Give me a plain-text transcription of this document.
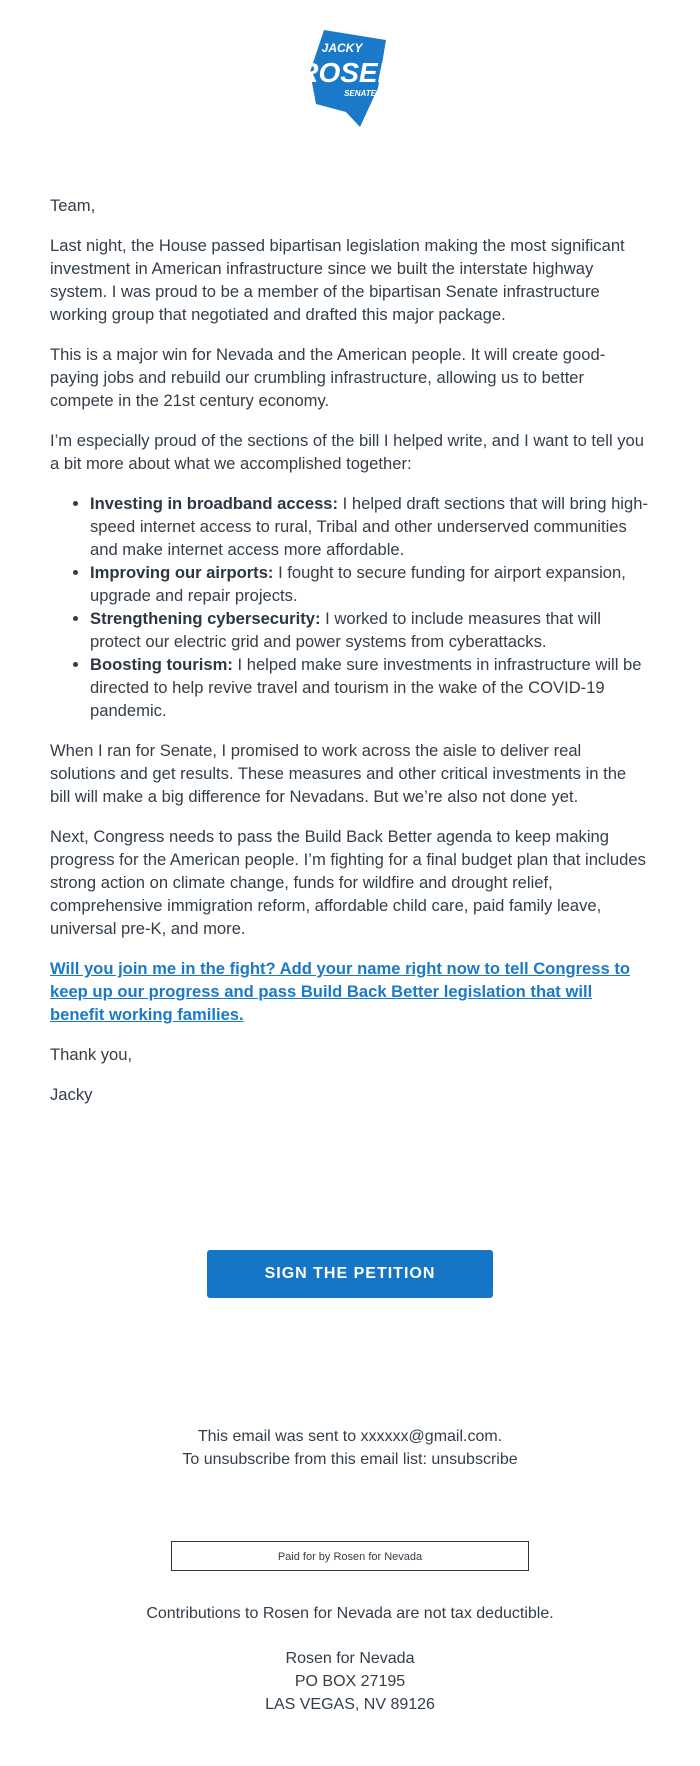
JACKY
ROSEN
SENATE

Team,

Last night, the House passed bipartisan legislation making the most significant investment in American infrastructure since we built the interstate highway system. I was proud to be a member of the bipartisan Senate infrastructure working group that negotiated and drafted this major package.

This is a major win for Nevada and the American people. It will create good-paying jobs and rebuild our crumbling infrastructure, allowing us to better compete in the 21st century economy.

I’m especially proud of the sections of the bill I helped write, and I want to tell you a bit more about what we accomplished together:

• Investing in broadband access: I helped draft sections that will bring high-speed internet access to rural, Tribal and other underserved communities and make internet access more affordable.
• Improving our airports: I fought to secure funding for airport expansion, upgrade and repair projects.
• Strengthening cybersecurity: I worked to include measures that will protect our electric grid and power systems from cyberattacks.
• Boosting tourism: I helped make sure investments in infrastructure will be directed to help revive travel and tourism in the wake of the COVID-19 pandemic.

When I ran for Senate, I promised to work across the aisle to deliver real solutions and get results. These measures and other critical investments in the bill will make a big difference for Nevadans. But we’re also not done yet.

Next, Congress needs to pass the Build Back Better agenda to keep making progress for the American people. I’m fighting for a final budget plan that includes strong action on climate change, funds for wildfire and drought relief, comprehensive immigration reform, affordable child care, paid family leave, universal pre-K, and more.

Will you join me in the fight? Add your name right now to tell Congress to keep up our progress and pass Build Back Better legislation that will benefit working families.

Thank you,

Jacky

SIGN THE PETITION
This email was sent to xxxxxx@gmail.com.
To unsubscribe from this email list: unsubscribe
Paid for by Rosen for Nevada
Contributions to Rosen for Nevada are not tax deductible.
Rosen for Nevada
PO BOX 27195
LAS VEGAS, NV 89126
